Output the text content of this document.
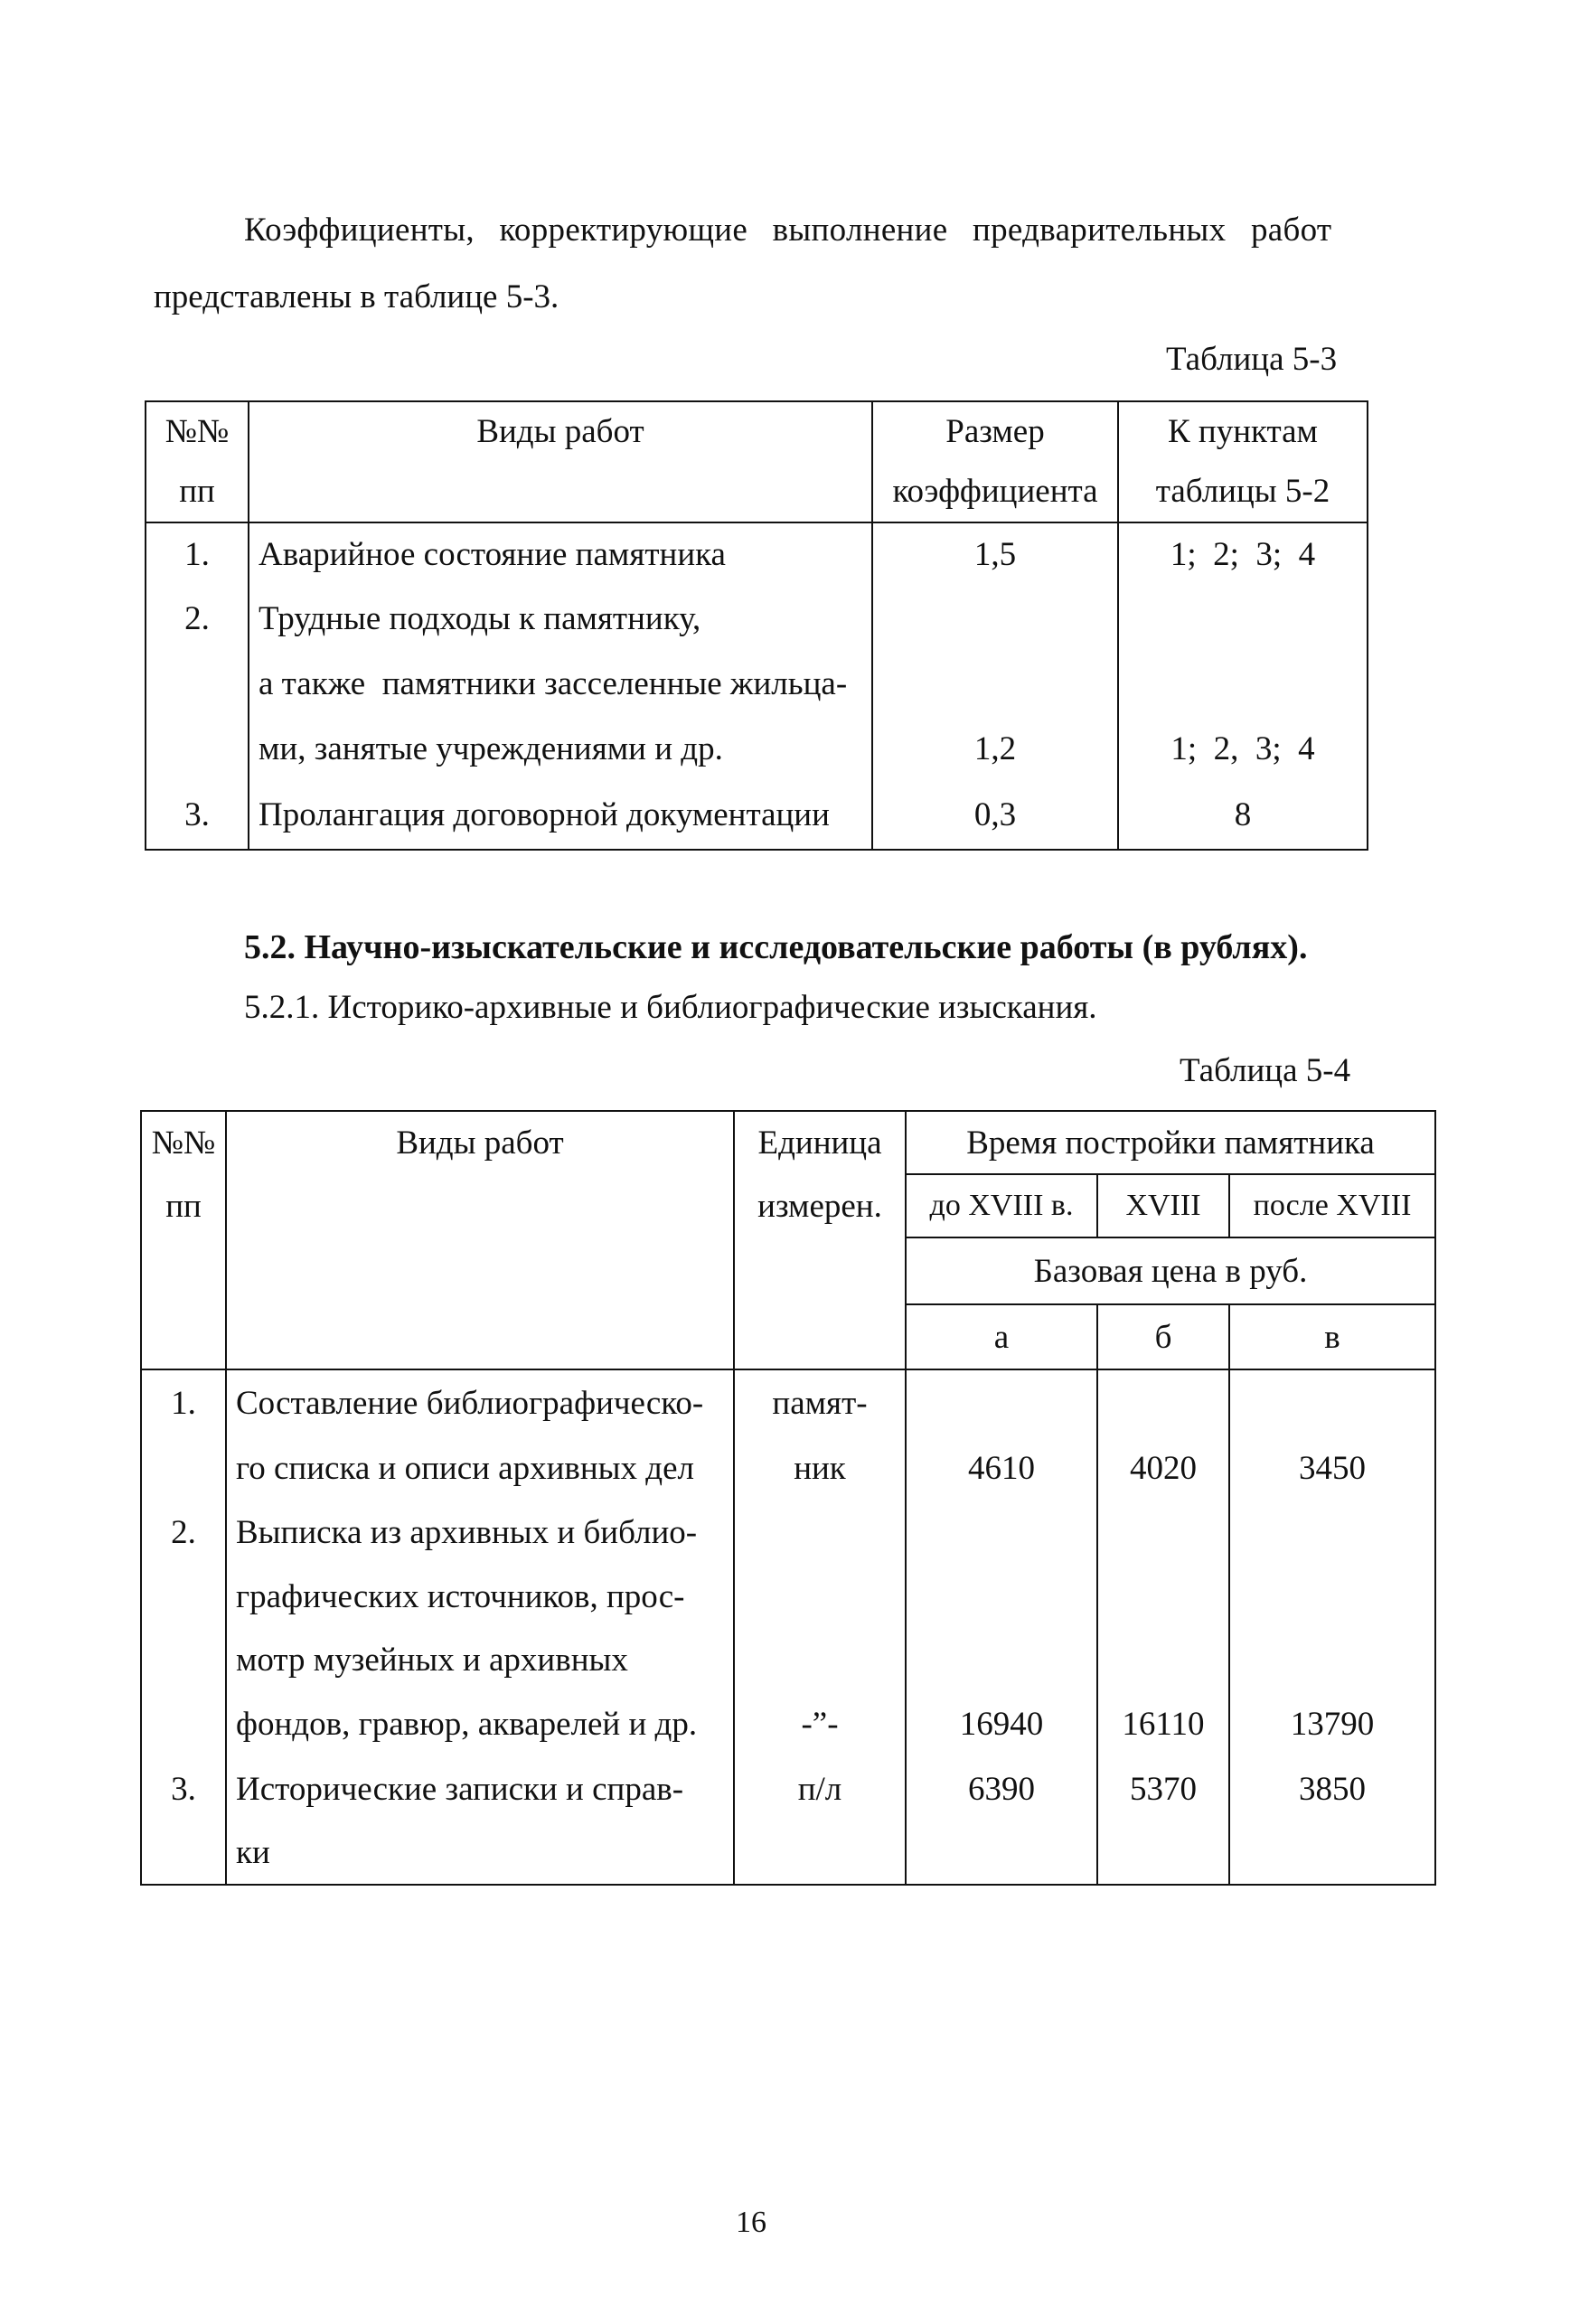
Коэффициенты, корректирующие выполнение предварительных работ
представлены в таблице 5-3.
Таблица 5-3
№№	Виды работ	Размер	К пунктам
пп		коэффициента	таблицы 5-2
1.	Аварийное состояние памятника	1,5	1;  2;  3;  4
2.	Трудные подходы к памятнику,		
	а также  памятники засселенные жильца-		
	ми, занятые учреждениями и др.	1,2	1;  2,  3;  4
3.	Пролангация договорной документации	0,3	8
5.2. Научно-изыскательские и исследовательские работы (в рублях).
5.2.1. Историко-архивные и библиографические изыскания.
Таблица 5-4
№№	Виды работ	Единица	Время постройки памятника		
пп		измерен.	до XVIII в.	XVIII	после XVIII
			Базовая цена в руб.		
			а	б	в
1.	Составление библиографическо-	памят-			
	го списка и описи архивных дел	ник	4610	4020	3450
2.	Выписка из архивных и библио-				
	графических источников, прос-				
	мотр музейных и архивных				
	фондов, гравюр, акварелей и др.	-”-	16940	16110	13790
3.	Исторические записки и справ-	п/л	6390	5370	3850
	ки				
16
